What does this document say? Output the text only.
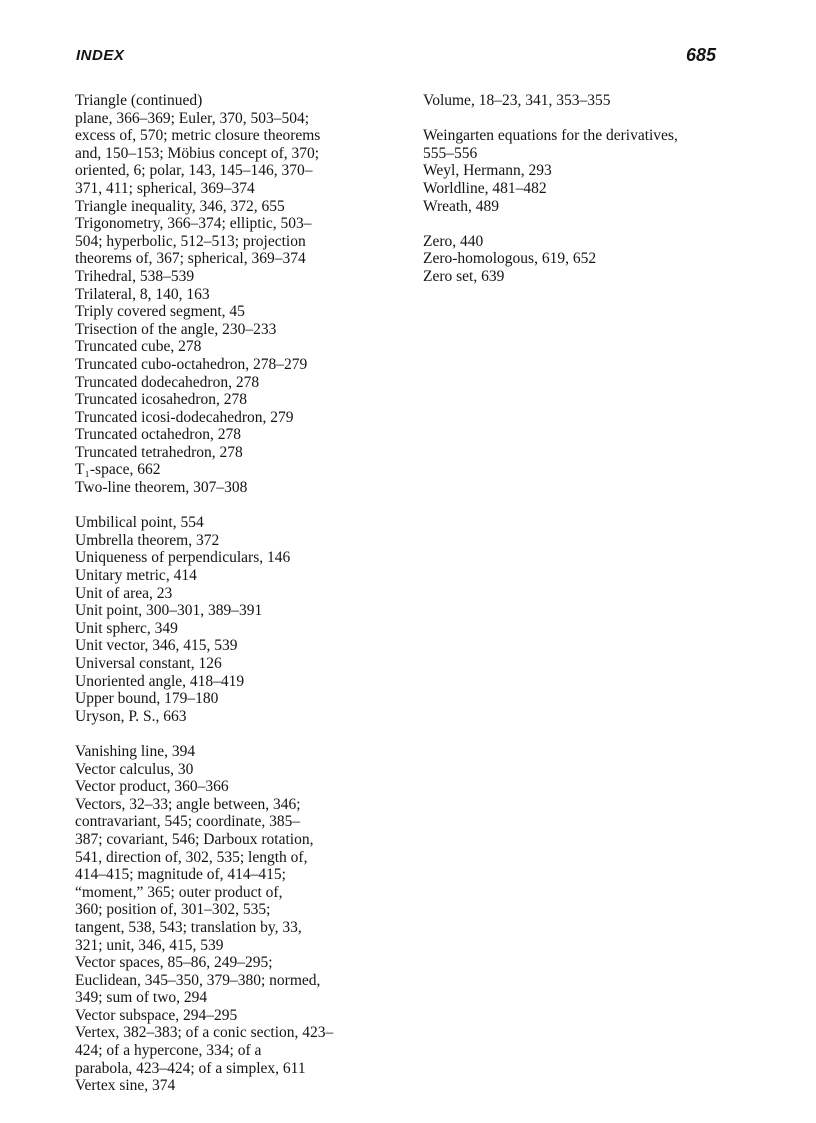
INDEX	685
Triangle (continued)
plane, 366–369; Euler, 370, 503–504;
excess of, 570; metric closure theorems
and, 150–153; Möbius concept of, 370;
oriented, 6; polar, 143, 145–146, 370–
371, 411; spherical, 369–374
Triangle inequality, 346, 372, 655
Trigonometry, 366–374; elliptic, 503–
504; hyperbolic, 512–513; projection
theorems of, 367; spherical, 369–374
Trihedral, 538–539
Trilateral, 8, 140, 163
Triply covered segment, 45
Trisection of the angle, 230–233
Truncated cube, 278
Truncated cubo-octahedron, 278–279
Truncated dodecahedron, 278
Truncated icosahedron, 278
Truncated icosi-dodecahedron, 279
Truncated octahedron, 278
Truncated tetrahedron, 278
T₁-space, 662
Two-line theorem, 307–308
Umbilical point, 554
Umbrella theorem, 372
Uniqueness of perpendiculars, 146
Unitary metric, 414
Unit of area, 23
Unit point, 300–301, 389–391
Unit spherc, 349
Unit vector, 346, 415, 539
Universal constant, 126
Unoriented angle, 418–419
Upper bound, 179–180
Uryson, P. S., 663
Vanishing line, 394
Vector calculus, 30
Vector product, 360–366
Vectors, 32–33; angle between, 346;
contravariant, 545; coordinate, 385–
387; covariant, 546; Darboux rotation,
541, direction of, 302, 535; length of,
414–415; magnitude of, 414–415;
“moment,” 365; outer product of,
360; position of, 301–302, 535;
tangent, 538, 543; translation by, 33,
321; unit, 346, 415, 539
Vector spaces, 85–86, 249–295;
Euclidean, 345–350, 379–380; normed,
349; sum of two, 294
Vector subspace, 294–295
Vertex, 382–383; of a conic section, 423–
424; of a hypercone, 334; of a
parabola, 423–424; of a simplex, 611
Vertex sine, 374
Volume, 18–23, 341, 353–355
Weingarten equations for the derivatives,
555–556
Weyl, Hermann, 293
Worldline, 481–482
Wreath, 489
Zero, 440
Zero-homologous, 619, 652
Zero set, 639
